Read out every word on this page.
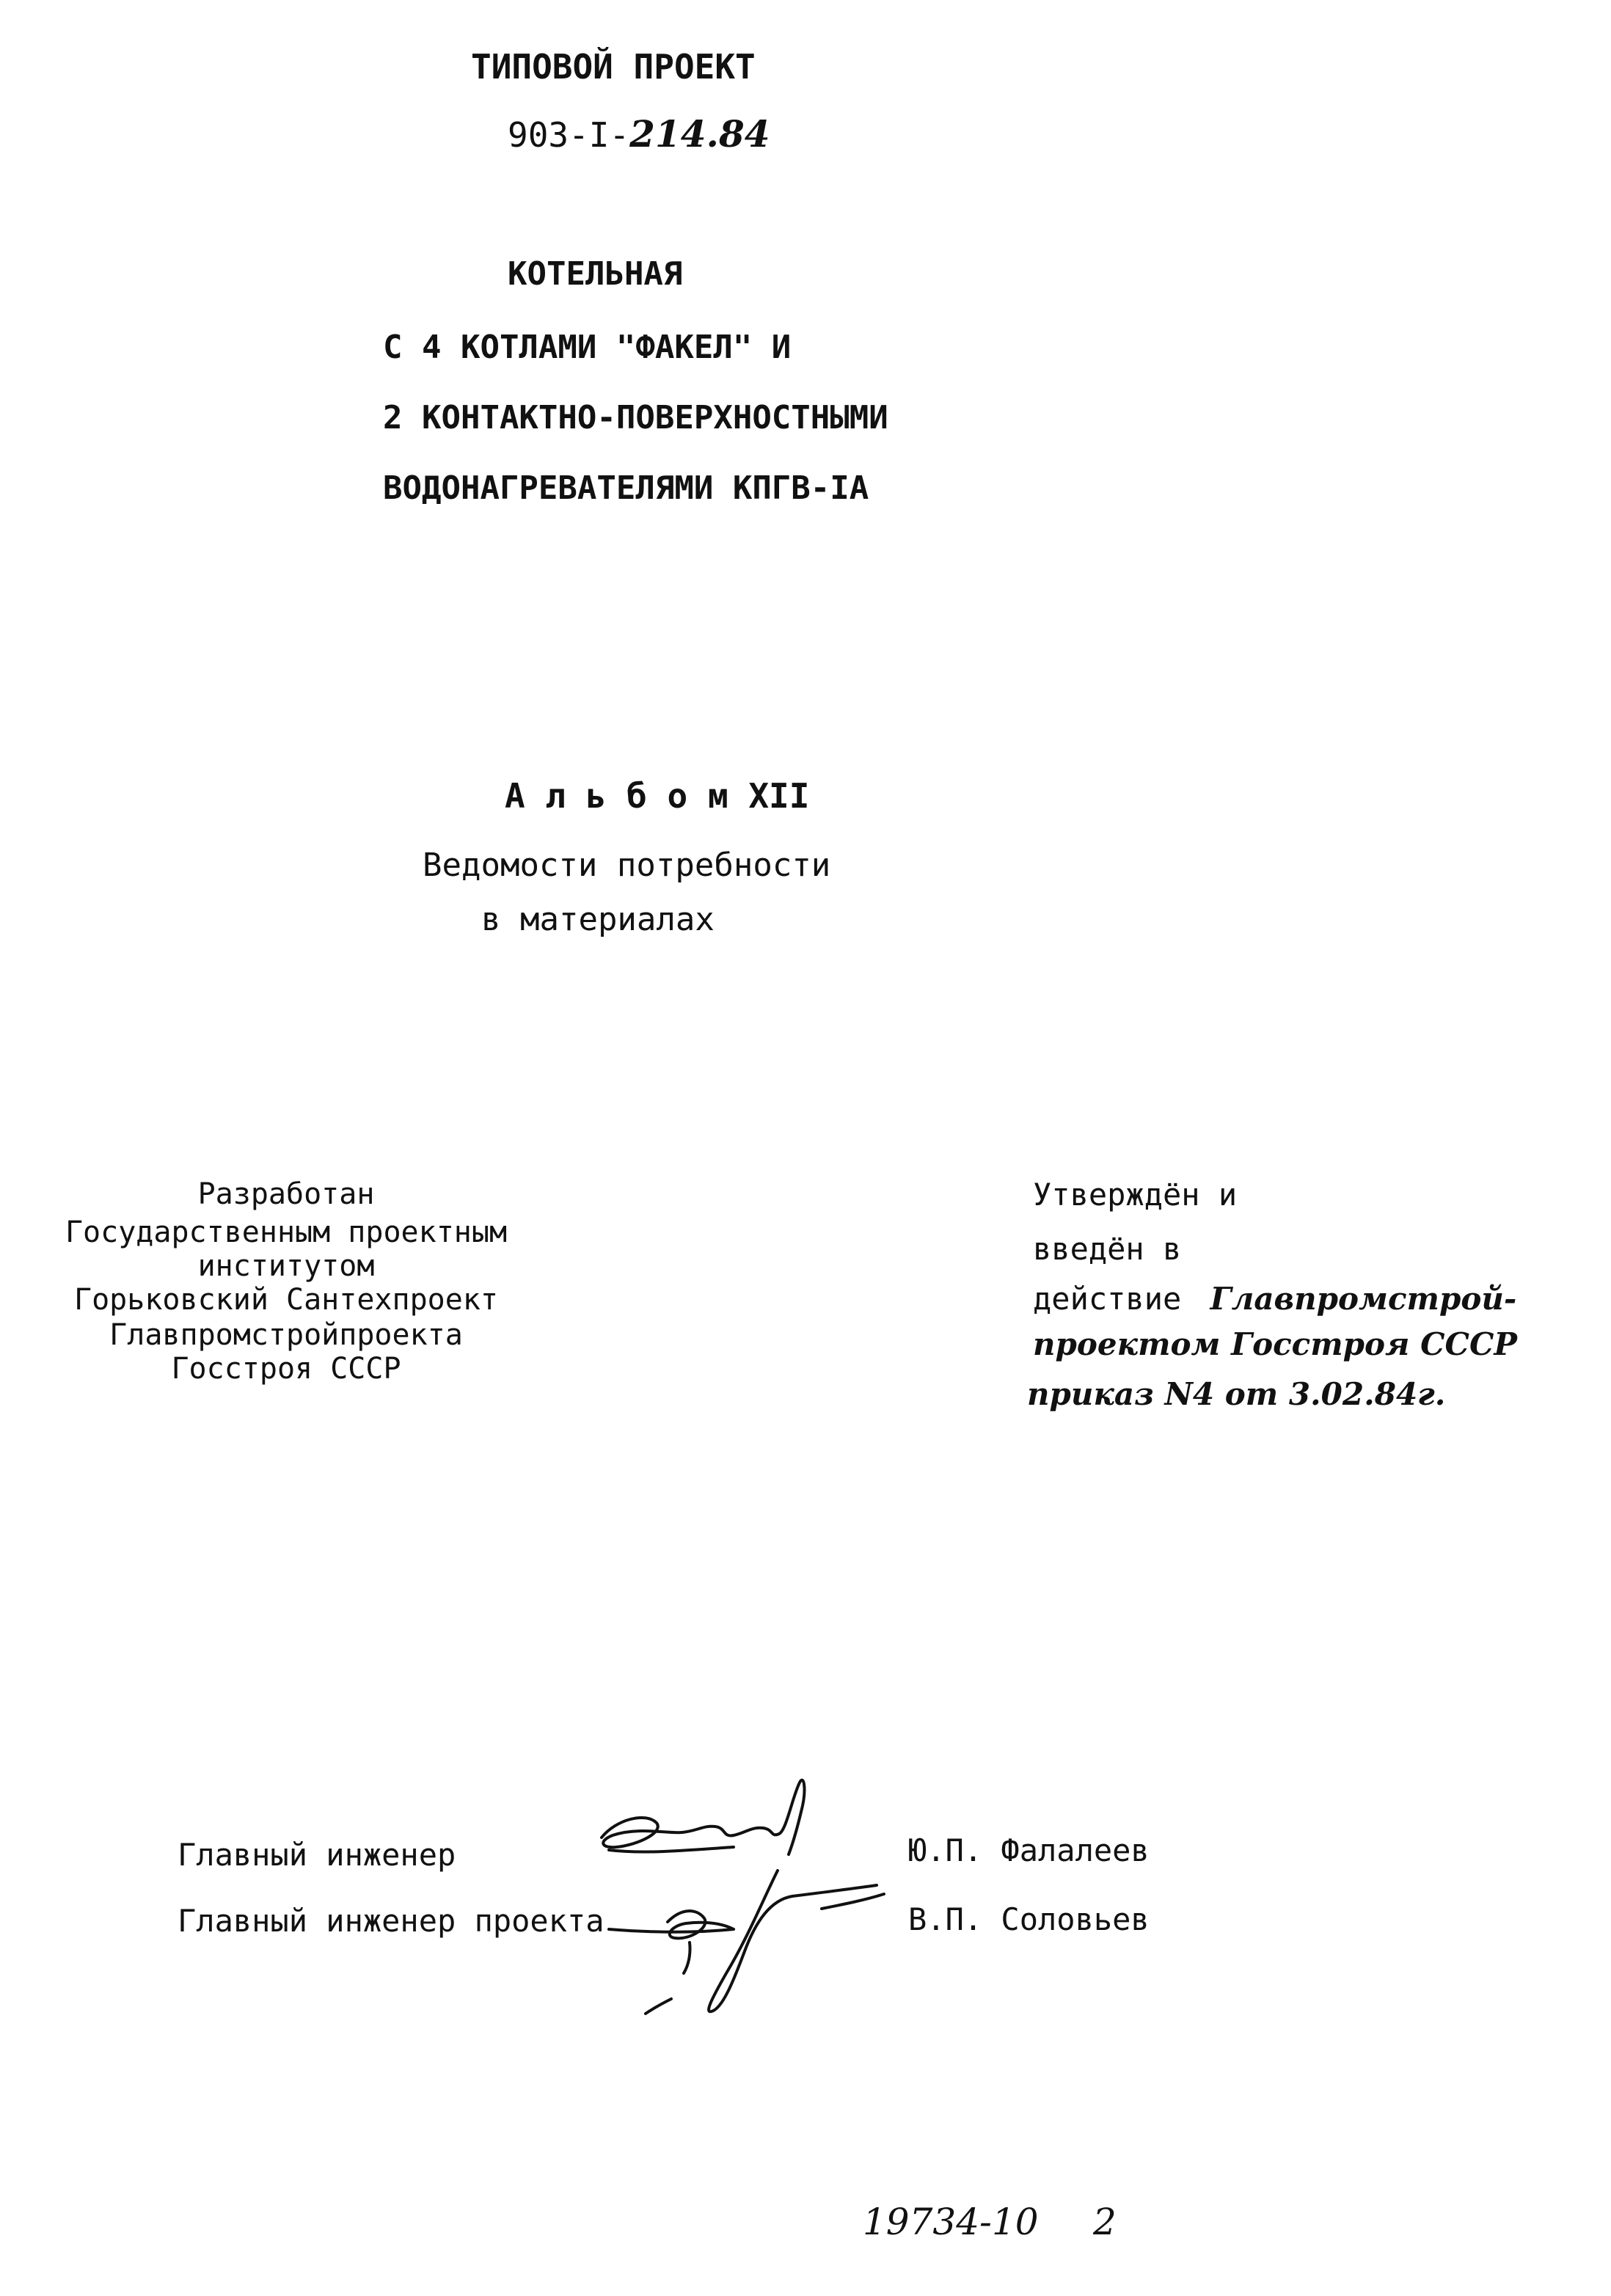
ТИПОВОЙ ПРОЕКТ
903-I-214.84
КОТЕЛЬНАЯ
С 4 КОТЛАМИ "ФАКЕЛ" И
2 КОНТАКТНО-ПОВЕРХНОСТНЫМИ
ВОДОНАГРЕВАТЕЛЯМИ КПГВ-IА
А л ь б о м XII
Ведомости потребности
в материалах
Разработан
Государственным проектным
институтом
Горьковский Сантехпроект
Главпромстройпроекта
Госстроя СССР
Утверждён и
введён в
действие Главпромстрой-
проектом Госстроя СССР
приказ N4 от 3.02.84г.
Главный инженер	Ю.П. Фалалеев
Главный инженер проекта	В.П. Соловьев
19734-10 2
